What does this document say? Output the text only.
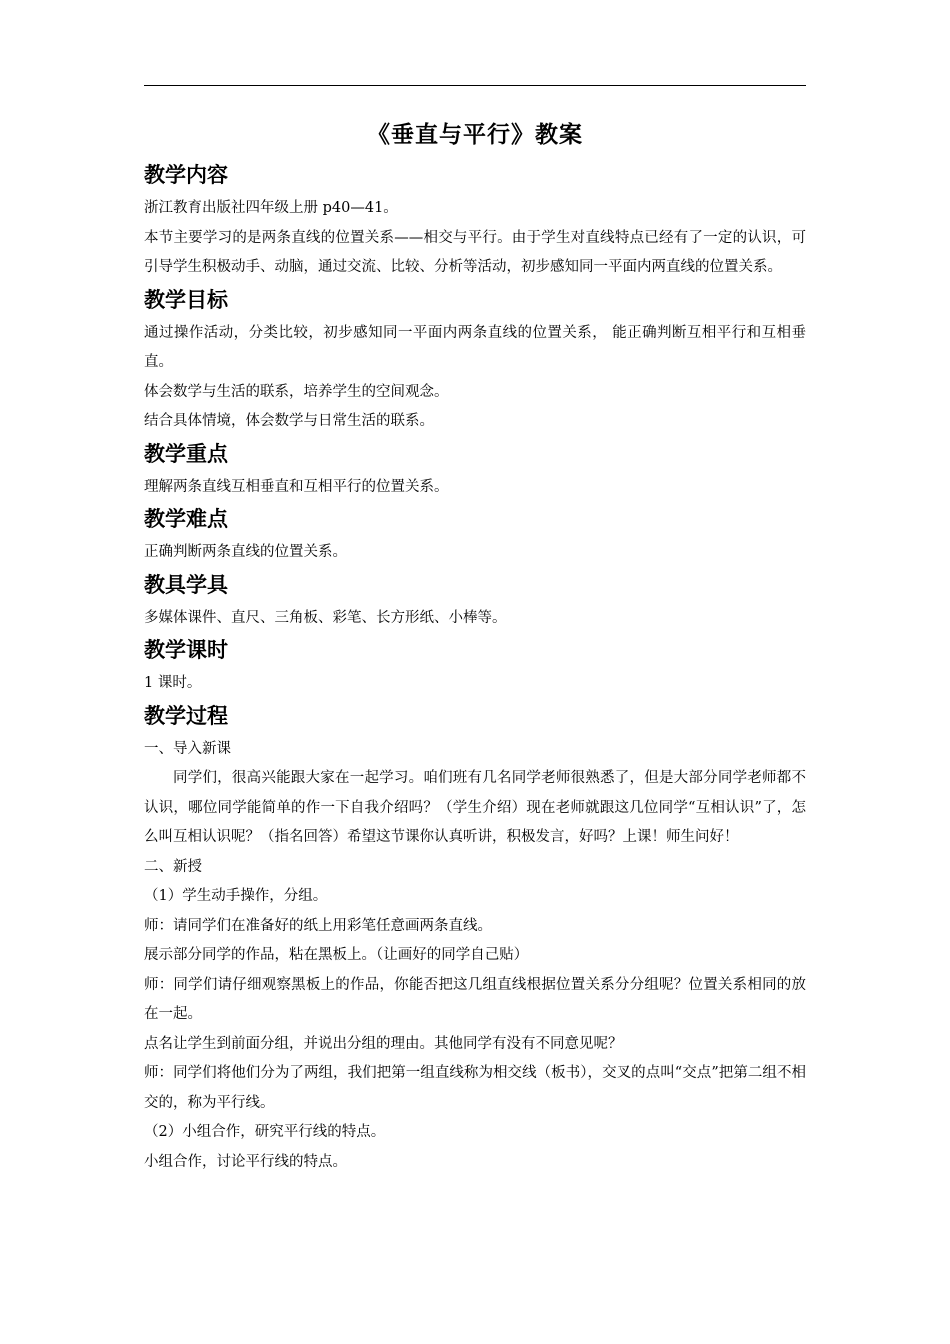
《垂直与平行》教案
教学内容

浙江教育出版社四年级上册 p40—41。

本节主要学习的是两条直线的位置关系——相交与平行。由于学生对直线特点已经有了一定的认识，可引导学生积极动手、动脑，通过交流、比较、分析等活动，初步感知同一平面内两直线的位置关系。

教学目标

通过操作活动，分类比较，初步感知同一平面内两条直线的位置关系， 能正确判断互相平行和互相垂直。

体会数学与生活的联系，培养学生的空间观念。

结合具体情境，体会数学与日常生活的联系。

教学重点

理解两条直线互相垂直和互相平行的位置关系。

教学难点

正确判断两条直线的位置关系。

教具学具

多媒体课件、直尺、三角板、彩笔、长方形纸、小棒等。

教学课时

1 课时。

教学过程

一、导入新课

同学们，很高兴能跟大家在一起学习。咱们班有几名同学老师很熟悉了，但是大部分同学老师都不认识，哪位同学能简单的作一下自我介绍吗？（学生介绍）现在老师就跟这几位同学“互相认识”了，怎么叫互相认识呢？（指名回答）希望这节课你认真听讲，积极发言，好吗？上课！师生问好！

二、新授

（1）学生动手操作，分组。

师：请同学们在准备好的纸上用彩笔任意画两条直线。

展示部分同学的作品，粘在黑板上。（让画好的同学自己贴）

师：同学们请仔细观察黑板上的作品，你能否把这几组直线根据位置关系分分组呢？位置关系相同的放在一起。

点名让学生到前面分组，并说出分组的理由。其他同学有没有不同意见呢？

师：同学们将他们分为了两组，我们把第一组直线称为相交线（板书），交叉的点叫“交点”把第二组不相交的，称为平行线。

（2）小组合作，研究平行线的特点。

小组合作，讨论平行线的特点。
